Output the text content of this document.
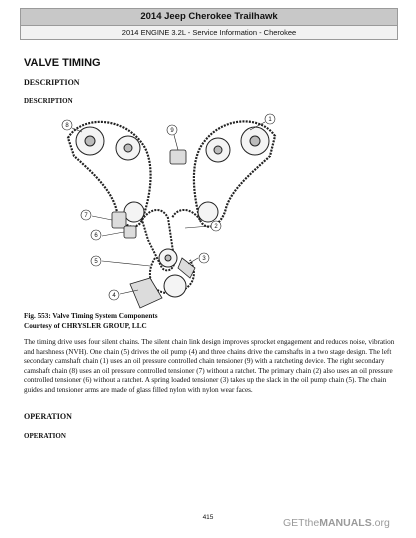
2014 Jeep Cherokee Trailhawk
2014 ENGINE 3.2L - Service Information - Cherokee
VALVE TIMING
DESCRIPTION
DESCRIPTION
1
2
3
4
5
6
7
8
9
Fig. 553: Valve Timing System Components
Courtesy of CHRYSLER GROUP, LLC

The timing drive uses four silent chains. The silent chain link design improves sprocket engagement and reduces noise, vibration and harshness (NVH). One chain (5) drives the oil pump (4) and three chains drive the camshafts in a two stage design. The left secondary camshaft chain (1) uses an oil pressure controlled chain tensioner (9) with a ratcheting device. The right secondary camshaft chain (8) uses an oil pressure controlled tensioner (7) without a ratchet. The primary chain (2) also uses an oil pressure controlled tensioner (6) without a ratchet. A spring loaded tensioner (3) takes up the slack in the oil pump chain (5). The chain guides and tensioner arms are made of glass filled nylon with nylon wear faces.

OPERATION
OPERATION
415	GETtheMANUALS.org
